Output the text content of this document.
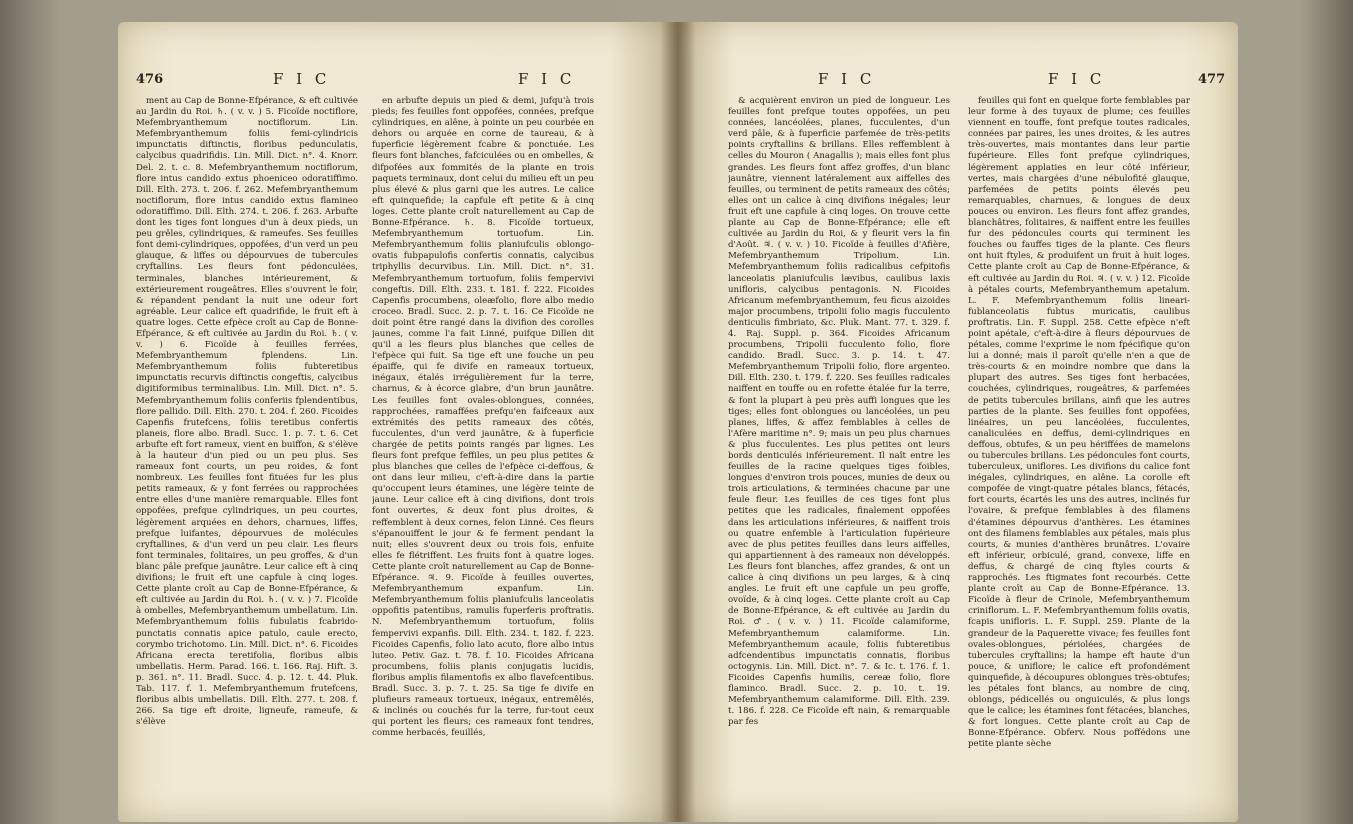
476	F I C	F I C

ment au Cap de Bonne-Efpérance, & eft cultivée au Jardin du Roi. ♄. ( v. v. ) 5. Ficoïde noctiflore, Mefembryanthemum noctiflorum. Lin. Mefembryanthemum foliis femi-cylindricis impunctatis diftinctis, floribus pedunculatis, calycibus quadrifidis. Lin. Mill. Dict. n°. 4. Knorr. Del. 2. t. c. 8. Mefembryanthemum noctiflorum, flore intus candido extus phoeniceo odoratiffimo. Dill. Elth. 273. t. 206. f. 262. Mefembryanthemum noctiflorum, flore intus candido extus flamineo odoratiffimo. Dill. Elth. 274. t. 206. f. 263. Arbufte dont les tiges font longues d'un à deux pieds, un peu grêles, cylindriques, & rameufes. Ses feuilles font demi-cylindriques, oppofées, d'un verd un peu glauque, & liffes ou dépourvues de tubercules cryftallins. Les fleurs font pédonculées, terminales, blanches intérieurement, & extérieurement rougeâtres. Elles s'ouvrent le foir, & répandent pendant la nuit une odeur fort agréable. Leur calice eft quadrifide, le fruit eft à quatre loges. Cette efpèce croît au Cap de Bonne-Efpérance, & eft cultivée au Jardin du Roi. ♄. ( v. v. ) 6. Ficoïde à feuilles ferrées, Mefembryanthemum fplendens. Lin. Mefembryanthemum foliis fubteretibus impunctatis recurvis diftinctis congeftis, calycibus digitiformibus terminalibus. Lin. Mill. Dict. n°. 5. Mefembryanthemum foliis conferiis fplendentibus, flore pallido. Dill. Elth. 270. t. 204. f. 260. Ficoides Capenfis frutefcens, foliis teretibus confertis planeis, flore albo. Bradl. Succ. 1. p. 7. t. 6. Cet arbufte eft fort rameux, vient en buiffon, & s'élève à la hauteur d'un pied ou un peu plus. Ses rameaux font courts, un peu roides, & font nombreux. Les feuilles font fituées fur les plus petits rameaux, & y font ferrées ou rapprochées entre elles d'une manière remarquable. Elles font oppofées, prefque cylindriques, un peu courtes, légèrement arquées en dehors, charnues, liffes, prefque luifantes, dépourvues de molécules cryftallines, & d'un verd un peu clair. Les fleurs font terminales, folitaires, un peu groffes, & d'un blanc pâle prefque jaunâtre. Leur calice eft à cinq divifions; le fruit eft une capfule à cinq loges. Cette plante croît au Cap de Bonne-Efpérance, & eft cultivée au Jardin du Roi. ♄. ( v. v. ) 7. Ficoïde à ombelles, Mefembryanthemum umbellatum. Lin. Mefembryanthemum foliis fubulatis fcabrido-punctatis connatis apice patulo, caule erecto, corymbo trichotomo. Lin. Mill. Dict. n°. 6. Ficoides Africana erecta teretifolia, floribus albis umbellatis. Herm. Parad. 166. t. 166. Raj. Hift. 3. p. 361. n°. 11. Bradl. Succ. 4. p. 12. t. 44. Pluk. Tab. 117. f. 1. Mefembryanthemum frutefcens, floribus albis umbellatis. Dill. Elth. 277. t. 208. f. 266. Sa tige eft droite, ligneufe, rameufe, & s'élève

en arbufte depuis un pied & demi, jufqu'à trois pieds; fes feuilles font oppofées, connées, prefque cylindriques, en alêne, à pointe un peu courbée en dehors ou arquée en corne de taureau, & à fuperficie légèrement fcabre & ponctuée. Les fleurs font blanches, fafciculées ou en ombelles, & difpofées aux fommités de la plante en trois paquets terminaux, dont celui du milieu eft un peu plus élevé & plus garni que les autres. Le calice eft quinquefide; la capfule eft petite & à cinq loges. Cette plante croît naturellement au Cap de Bonne-Efpérance. ♄. 8. Ficoïde tortueux, Mefembryanthemum tortuofum. Lin. Mefembryanthemum foliis planiufculis oblongo-ovatis fubpapulofis confertis connatis, calycibus triphyllis decurvibus. Lin. Mill. Dict. n°. 31. Mefembryanthemum tortuofum, foliis fempervivi congeftis. Dill. Elth. 233. t. 181. f. 222. Ficoides Capenfis procumbens, oleæfolio, flore albo medio croceo. Bradl. Succ. 2. p. 7. t. 16. Ce Ficoïde ne doit point être rangé dans la divifion des corolles jaunes, comme l'a fait Linné, puifque Dillen dit qu'il a les fleurs plus blanches que celles de l'efpèce qui fuit. Sa tige eft une fouche un peu épaiffe, qui fe divife en rameaux tortueux, inégaux, étalés irrégulièrement fur la terre, charnus, & à écorce glabre, d'un brun jaunâtre. Les feuilles font ovales-oblongues, connées, rapprochées, ramaffées prefqu'en faifceaux aux extrémités des petits rameaux des côtés, fucculentes, d'un verd jaunâtre, & à fuperficie chargée de petits points rangés par lignes. Les fleurs font prefque feffiles, un peu plus petites & plus blanches que celles de l'efpèce ci-deffous, & ont dans leur milieu, c'eft-à-dire dans la partie qu'occupent leurs étamines, une légère teinte de jaune. Leur calice eft à cinq divifions, dont trois font ouvertes, & deux font plus droites, & reffemblent à deux cornes, felon Linné. Ces fleurs s'épanouiffent le jour & fe ferment pendant la nuit; elles s'ouvrent deux ou trois fois, enfuite elles fe flétriffent. Les fruits font à quatre loges. Cette plante croît naturellement au Cap de Bonne-Efpérance. ♃. 9. Ficoïde à feuilles ouvertes, Mefembryanthemum expanfum. Lin. Mefembryanthemum foliis planiufculis lanceolatis oppofitis patentibus, ramulis fuperferis proftratis. N. Mefembryanthemum tortuofum, foliis fempervivi expanfis. Dill. Elth. 234. t. 182. f. 223. Ficoides Capenfis, folio lato acuto, flore albo intus luteo. Petiv. Gaz. t. 78. f. 10. Ficoides Africana procumbens, foliis planis conjugatis lucidis, floribus amplis filamentofis ex albo flavefcentibus. Bradl. Succ. 3. p. 7. t. 25. Sa tige fe divife en plufieurs rameaux tortueux, inégaux, entremêlés, & inclinés ou couchés fur la terre, fur-tout ceux qui portent les fleurs; ces rameaux font tendres, comme herbacés, feuillés,

F I C	F I C	477

& acquièrent environ un pied de longueur. Les feuilles font prefque toutes oppofées, un peu connées, lancéolées, planes, fucculentes, d'un verd pâle, & à fuperficie parfemée de très-petits points cryftallins & brillans. Elles reffemblent à celles du Mouron ( Anagallis ); mais elles font plus grandes. Les fleurs font affez groffes, d'un blanc jaunâtre, viennent latéralement aux aiffelles des feuilles, ou terminent de petits rameaux des côtés; elles ont un calice à cinq divifions inégales; leur fruit eft une capfule à cinq loges. On trouve cette plante au Cap de Bonne-Efpérance; elle eft cultivée au Jardin du Roi, & y fleurit vers la fin d'Août. ♃. ( v. v. ) 10. Ficoïde à feuilles d'Afière, Mefembryanthemum Tripolium. Lin. Mefembryanthemum foliis radicalibus cefpitofis lanceolatis planiufculis lævibus, caulibus laxis unifloris, calycibus pentagonis. N. Ficoides Africanum mefembryanthemum, feu ficus aizoides major procumbens, tripolii folio magis fucculento denticulis fimbriato, &c. Pluk. Mant. 77. t. 329. f. 4. Raj. Suppl. p. 364. Ficoides Africanum procumbens, Tripolii fucculento folio, flore candido. Bradl. Succ. 3. p. 14. t. 47. Mefembryanthemum Tripolii folio, flore argenteo. Dill. Elth. 230. t. 179. f. 220. Ses feuilles radicales naiffent en touffe ou en rofette étalée fur la terre, & font la plupart à peu près auffi longues que les tiges; elles font oblongues ou lancéolées, un peu planes, liffes, & affez femblables à celles de l'Afère maritime n°. 9; mais un peu plus charnues & plus fucculentes. Les plus petites ont leurs bords denticulés inférieurement. Il naît entre les feuilles de la racine quelques tiges foibles, longues d'environ trois pouces, munies de deux ou trois articulations, & terminées chacune par une feule fleur. Les feuilles de ces tiges font plus petites que les radicales, finalement oppofées dans les articulations inférieures, & naiffent trois ou quatre enfemble à l'articulation fupérieure avec de plus petites feuilles dans leurs aiffelles, qui appartiennent à des rameaux non développés. Les fleurs font blanches, affez grandes, & ont un calice à cinq divifions un peu larges, & à cinq angles. Le fruit eft une capfule un peu groffe, ovoïde, & à cinq loges. Cette plante croît au Cap de Bonne-Efpérance, & eft cultivée au Jardin du Roi. ♂. ( v. v. ) 11. Ficoïde calamiforme, Mefembryanthemum calamiforme. Lin. Mefembryanthemum acaule, foliis fubteretibus adfcendentibus impunctatis connatis, floribus octogynis. Lin. Mill. Dict. n°. 7. & Ic. t. 176. f. 1. Ficoides Capenfis humilis, cereæ folio, flore flaminco. Bradl. Succ. 2. p. 10. t. 19. Mefembryanthemum calamiforme. Dill. Elth. 239. t. 186. f. 228. Ce Ficoïde eft nain, & remarquable par fes

feuilles qui font en quelque forte femblables par leur forme à des tuyaux de plume; ces feuilles viennent en touffe, font prefque toutes radicales, connées par paires, les unes droites, & les autres très-ouvertes, mais montantes dans leur partie fupérieure. Elles font prefque cylindriques, légèrement applaties en leur côté inférieur, vertes, mais chargées d'une nébulofité glauque, parfemées de petits points élevés peu remarquables, charnues, & longues de deux pouces ou environ. Les fleurs font affez grandes, blanchâtres, folitaires, & naiffent entre les feuilles fur des pédoncules courts qui terminent les fouches ou fauffes tiges de la plante. Ces fleurs ont huit ftyles, & produifent un fruit à huit loges. Cette plante croît au Cap de Bonne-Efpérance, & eft cultivée au Jardin du Roi. ♃. ( v. v. ) 12. Ficoïde à pétales courts, Mefembryanthemum apetalum. L. F. Mefembryanthemum foliis lineari-fublanceolatis fubtus muricatis, caulibus proftratis. Lin. F. Suppl. 258. Cette efpèce n'eft point apétale, c'eft-à-dire à fleurs dépourvues de pétales, comme l'exprime le nom fpécifique qu'on lui a donné; mais il paroît qu'elle n'en a que de très-courts & en moindre nombre que dans la plupart des autres. Ses tiges font herbacées, couchées, cylindriques, rougeâtres, & parfemées de petits tubercules brillans, ainfi que les autres parties de la plante. Ses feuilles font oppofées, linéaires, un peu lancéolées, fucculentes, canaliculées en deffus, demi-cylindriques en deffous, obtufes, & un peu hériffées de mamelons ou tubercules brillans. Les pédoncules font courts, tuberculeux, uniflores. Les divifions du calice font inégales, cylindriques, en alêne. La corolle eft compofée de vingt-quatre pétales blancs, fétacés, fort courts, écartés les uns des autres, inclinés fur l'ovaire, & prefque femblables à des filamens d'étamines dépourvus d'anthères. Les étamines ont des filamens femblables aux pétales, mais plus courts, & munies d'anthères brunâtres. L'ovaire eft inférieur, orbiculé, grand, convexe, liffe en deffus, & chargé de cinq ftyles courts & rapprochés. Les ftigmates font recourbés. Cette plante croît au Cap de Bonne-Efpérance. 13. Ficoïde à fleur de Crinole, Mefembryanthemum criniflorum. L. F. Mefembryanthemum foliis ovatis, fcapis unifloris. L. F. Suppl. 259. Plante de la grandeur de la Paquerette vivace; fes feuilles font ovales-oblongues, périolées, chargées de tubercules cryftallins; la hampe eft haute d'un pouce, & uniflore; le calice eft profondément quinquefide, à découpures oblongues très-obtufes; les pétales font blancs, au nombre de cinq, oblongs, pédicellés ou onguiculés, & plus longs que le calice; les étamines font fétacées, blanches, & fort longues. Cette plante croît au Cap de Bonne-Efpérance. Obferv. Nous poffédons une petite plante sèche
